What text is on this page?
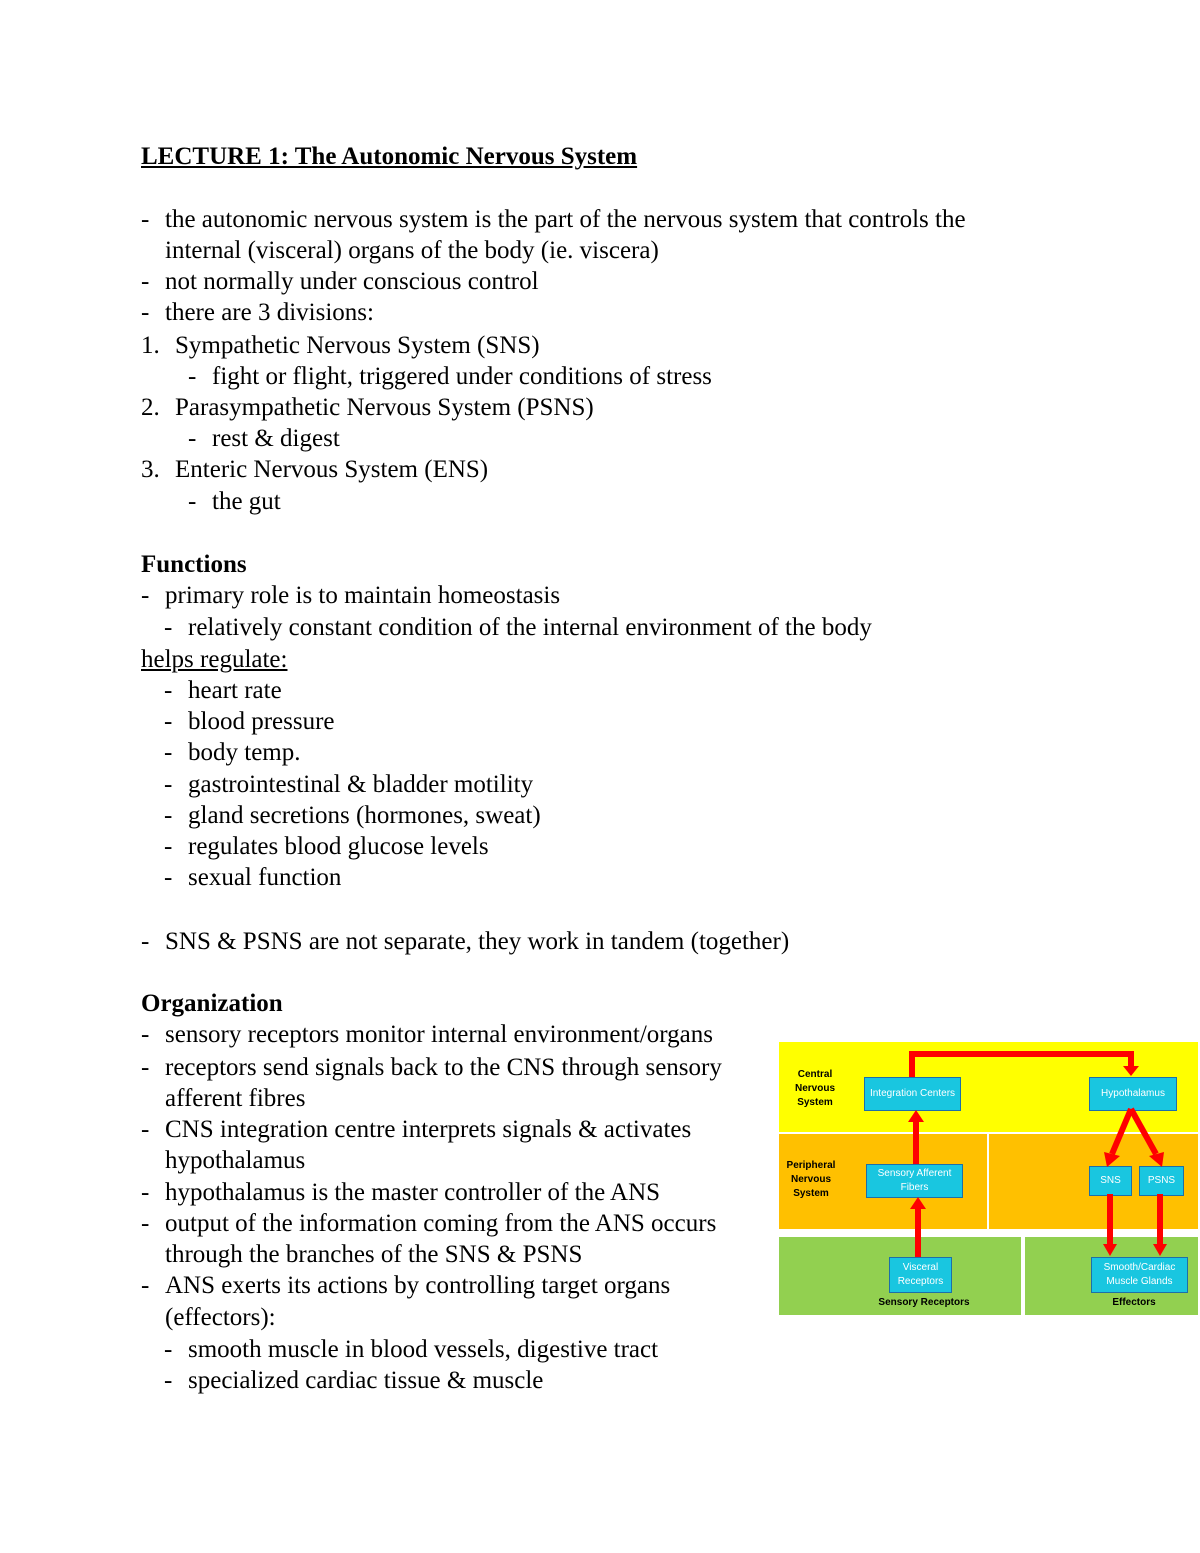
LECTURE 1: The Autonomic Nervous System
- the autonomic nervous system is the part of the nervous system that controls the
internal (visceral) organs of the body (ie. viscera)
- not normally under conscious control
- there are 3 divisions:
1. Sympathetic Nervous System (SNS)
- fight or flight, triggered under conditions of stress
2. Parasympathetic Nervous System (PSNS)
- rest & digest
3. Enteric Nervous System (ENS)
- the gut
Functions
- primary role is to maintain homeostasis
- relatively constant condition of the internal environment of the body
helps regulate:
- heart rate
- blood pressure
- body temp.
- gastrointestinal & bladder motility
- gland secretions (hormones, sweat)
- regulates blood glucose levels
- sexual function
- SNS & PSNS are not separate, they work in tandem (together)
Organization
- sensory receptors monitor internal environment/organs
- receptors send signals back to the CNS through sensory
afferent fibres
- CNS integration centre interprets signals & activates
hypothalamus
- hypothalamus is the master controller of the ANS
- output of the information coming from the ANS occurs
through the branches of the SNS & PSNS
- ANS exerts its actions by controlling target organs
(effectors):
- smooth muscle in blood vessels, digestive tract
- specialized cardiac tissue & muscle
Central Nervous System
Peripheral Nervous System
Sensory Receptors	Effectors
Integration Centers	Hypothalamus
Sensory Afferent Fibers
SNS	PSNS
Visceral Receptors
Smooth/Cardiac Muscle Glands
